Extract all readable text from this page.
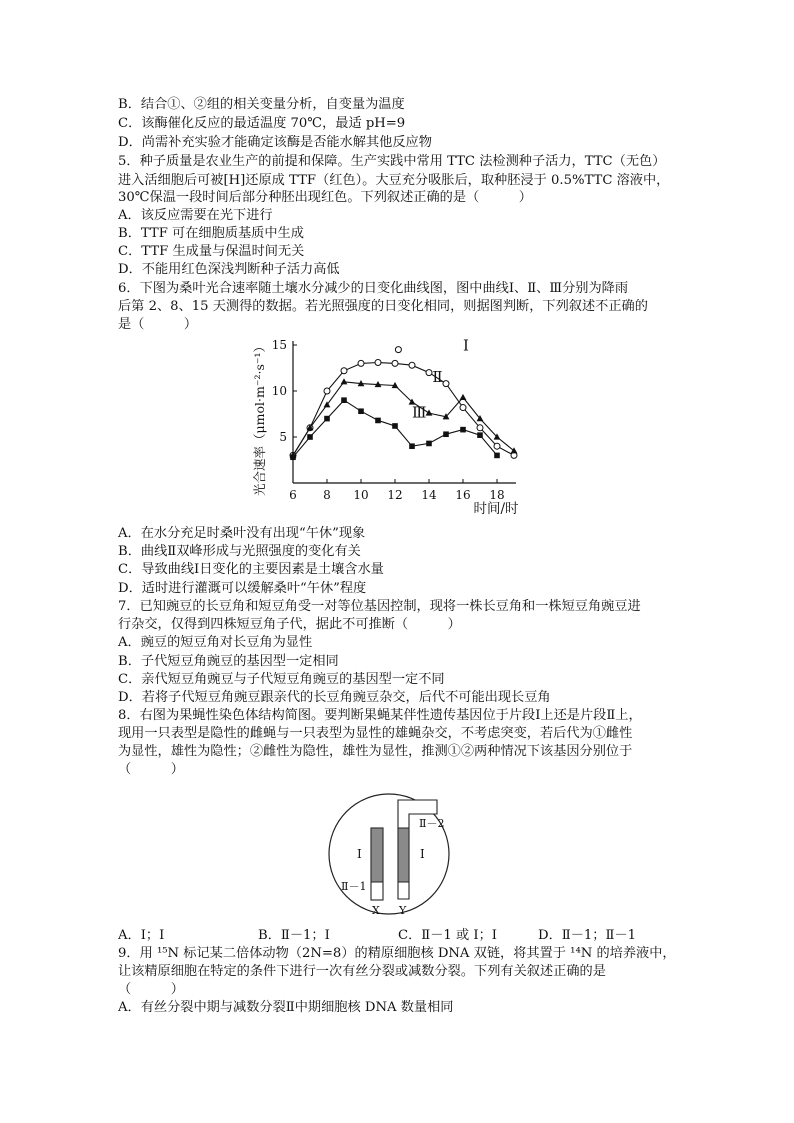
B．结合①、②组的相关变量分析，自变量为温度
C．该酶催化反应的最适温度 70℃，最适 pH=9
D．尚需补充实验才能确定该酶是否能水解其他反应物
5．种子质量是农业生产的前提和保障。生产实践中常用 TTC 法检测种子活力，TTC（无色）
进入活细胞后可被[H]还原成 TTF（红色）。大豆充分吸胀后，取种胚浸于 0.5%TTC 溶液中，
30℃保温一段时间后部分种胚出现红色。下列叙述正确的是（　　　）
A．该反应需要在光下进行
B．TTF 可在细胞质基质中生成
C．TTF 生成量与保温时间无关
D．不能用红色深浅判断种子活力高低
6．下图为桑叶光合速率随土壤水分减少的日变化曲线图，图中曲线Ⅰ、Ⅱ、Ⅲ分别为降雨
后第 2、8、15 天测得的数据。若光照强度的日变化相同，则据图判断，下列叙述不正确的
是（　　　）
6 8 10 12 14 16 18
5
10
15
时间/时
光合速率（μmol·m⁻²·s⁻¹）	Ⅰ
Ⅱ
Ⅲ
A．在水分充足时桑叶没有出现“午休”现象
B．曲线Ⅱ双峰形成与光照强度的变化有关
C．导致曲线Ⅰ日变化的主要因素是土壤含水量
D．适时进行灌溉可以缓解桑叶“午休”程度
7．已知豌豆的长豆角和短豆角受一对等位基因控制，现将一株长豆角和一株短豆角豌豆进
行杂交，仅得到四株短豆角子代，据此不可推断（　　　）
A．豌豆的短豆角对长豆角为显性
B．子代短豆角豌豆的基因型一定相同
C．亲代短豆角豌豆与子代短豆角豌豆的基因型一定不同
D．若将子代短豆角豌豆跟亲代的长豆角豌豆杂交，后代不可能出现长豆角
8．右图为果蝇性染色体结构简图。要判断果蝇某伴性遗传基因位于片段Ⅰ上还是片段Ⅱ上，
现用一只表型是隐性的雌蝇与一只表型为显性的雄蝇杂交，不考虑突变，若后代为①雌性
为显性，雄性为隐性；②雌性为隐性，雄性为显性，推测①②两种情况下该基因分别位于
（　　　）
Ⅰ	Ⅰ
Ⅱ－1
Ⅱ－2
X Y
A．Ⅰ；Ⅰ	B．Ⅱ－1；Ⅰ	C．Ⅱ－1 或 Ⅰ；Ⅰ	D．Ⅱ－1；Ⅱ－1
9．用 ¹⁵N 标记某二倍体动物（2N=8）的精原细胞核 DNA 双链，将其置于 ¹⁴N 的培养液中，
让该精原细胞在特定的条件下进行一次有丝分裂或减数分裂。下列有关叙述正确的是
（　　　）
A．有丝分裂中期与减数分裂Ⅱ中期细胞核 DNA 数量相同
